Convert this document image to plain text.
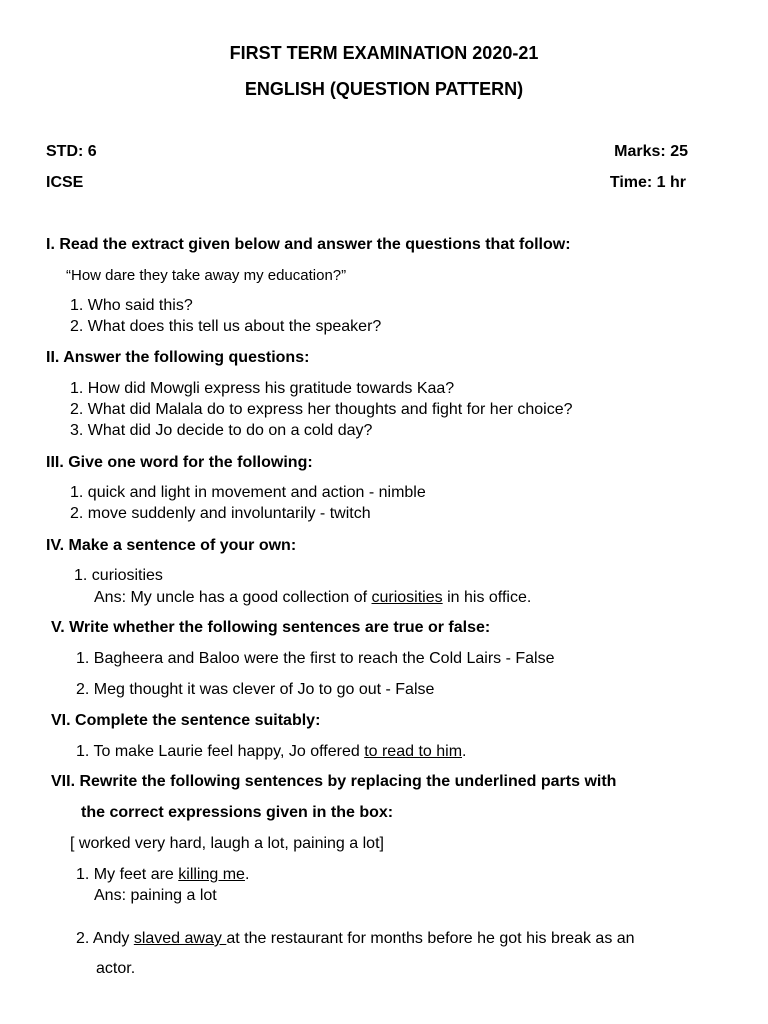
FIRST TERM EXAMINATION 2020-21
ENGLISH (QUESTION PATTERN)
STD: 6	Marks: 25
ICSE	Time: 1 hr
I. Read the extract given below and answer the questions that follow:
“How dare they take away my education?”
1. Who said this?
2. What does this tell us about the speaker?
II. Answer the following questions:
1. How did Mowgli express his gratitude towards Kaa?
2. What did Malala do to express her thoughts and fight for her choice?
3. What did Jo decide to do on a cold day?
III. Give one word for the following:
1. quick and light in movement and action - nimble
2. move suddenly and involuntarily - twitch
IV. Make a sentence of your own:
1. curiosities
Ans: My uncle has a good collection of curiosities in his office.
V. Write whether the following sentences are true or false:
1. Bagheera and Baloo were the first to reach the Cold Lairs - False
2. Meg thought it was clever of Jo to go out - False
VI. Complete the sentence suitably:
1. To make Laurie feel happy, Jo offered to read to him.
VII. Rewrite the following sentences by replacing the underlined parts with
the correct expressions given in the box:
[ worked very hard, laugh a lot, paining a lot]
1. My feet are killing me.
Ans: paining a lot
2. Andy slaved away at the restaurant for months before he got his break as an
actor.
